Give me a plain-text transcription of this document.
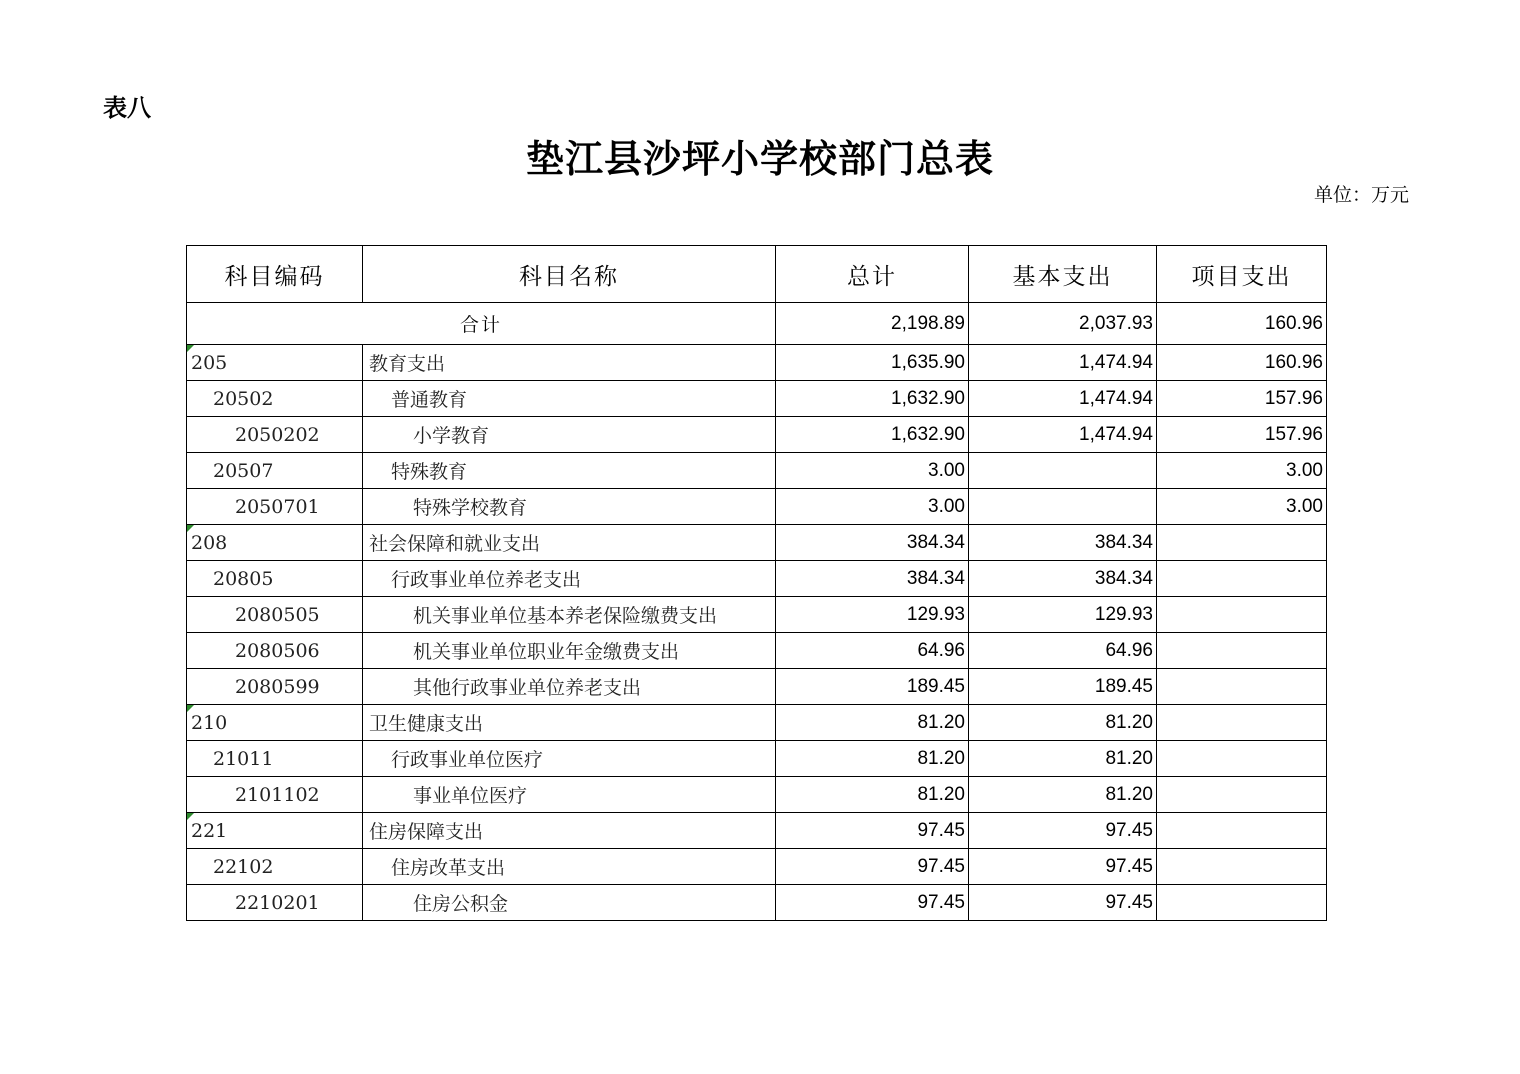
表八
垫江县沙坪小学校部门总表
单位：万元
科目编码	科目名称	总计	基本支出	项目支出
合计		2,198.89	2,037.93	160.96

205	教育支出	1,635.90	1,474.94	160.96
20502	普通教育	1,632.90	1,474.94	157.96
2050202	小学教育	1,632.90	1,474.94	157.96
20507	特殊教育	3.00		3.00
2050701	特殊学校教育	3.00		3.00

208	社会保障和就业支出	384.34	384.34	
20805	行政事业单位养老支出	384.34	384.34	
2080505	机关事业单位基本养老保险缴费支出	129.93	129.93	
2080506	机关事业单位职业年金缴费支出	64.96	64.96	
2080599	其他行政事业单位养老支出	189.45	189.45	

210	卫生健康支出	81.20	81.20	
21011	行政事业单位医疗	81.20	81.20	
2101102	事业单位医疗	81.20	81.20	

221	住房保障支出	97.45	97.45	
22102	住房改革支出	97.45	97.45	
2210201	住房公积金	97.45	97.45	
